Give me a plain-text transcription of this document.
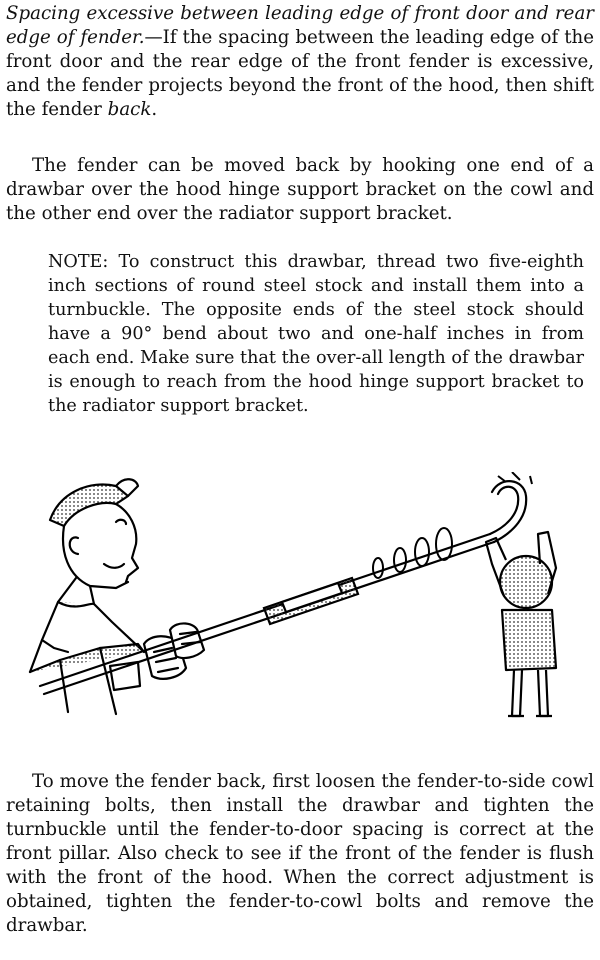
Spacing excessive between leading edge of front door and rear edge of fender.—If the spacing between the leading edge of the front door and the rear edge of the front fender is excessive, and the fender projects beyond the front of the hood, then shift the fender back.

The fender can be moved back by hooking one end of a drawbar over the hood hinge support bracket on the cowl and the other end over the radiator support bracket.

NOTE: To construct this drawbar, thread two five-eighth inch sections of round steel stock and install them into a turnbuckle. The opposite ends of the steel stock should have a 90° bend about two and one-half inches in from each end. Make sure that the over-all length of the drawbar is enough to reach from the hood hinge support bracket to the radiator support bracket.

To move the fender back, first loosen the fender-to-side cowl retaining bolts, then install the drawbar and tighten the turnbuckle until the fender-to-door spacing is correct at the front pillar. Also check to see if the front of the fender is flush with the front of the hood. When the correct adjustment is obtained, tighten the fender-to-cowl bolts and remove the drawbar.
